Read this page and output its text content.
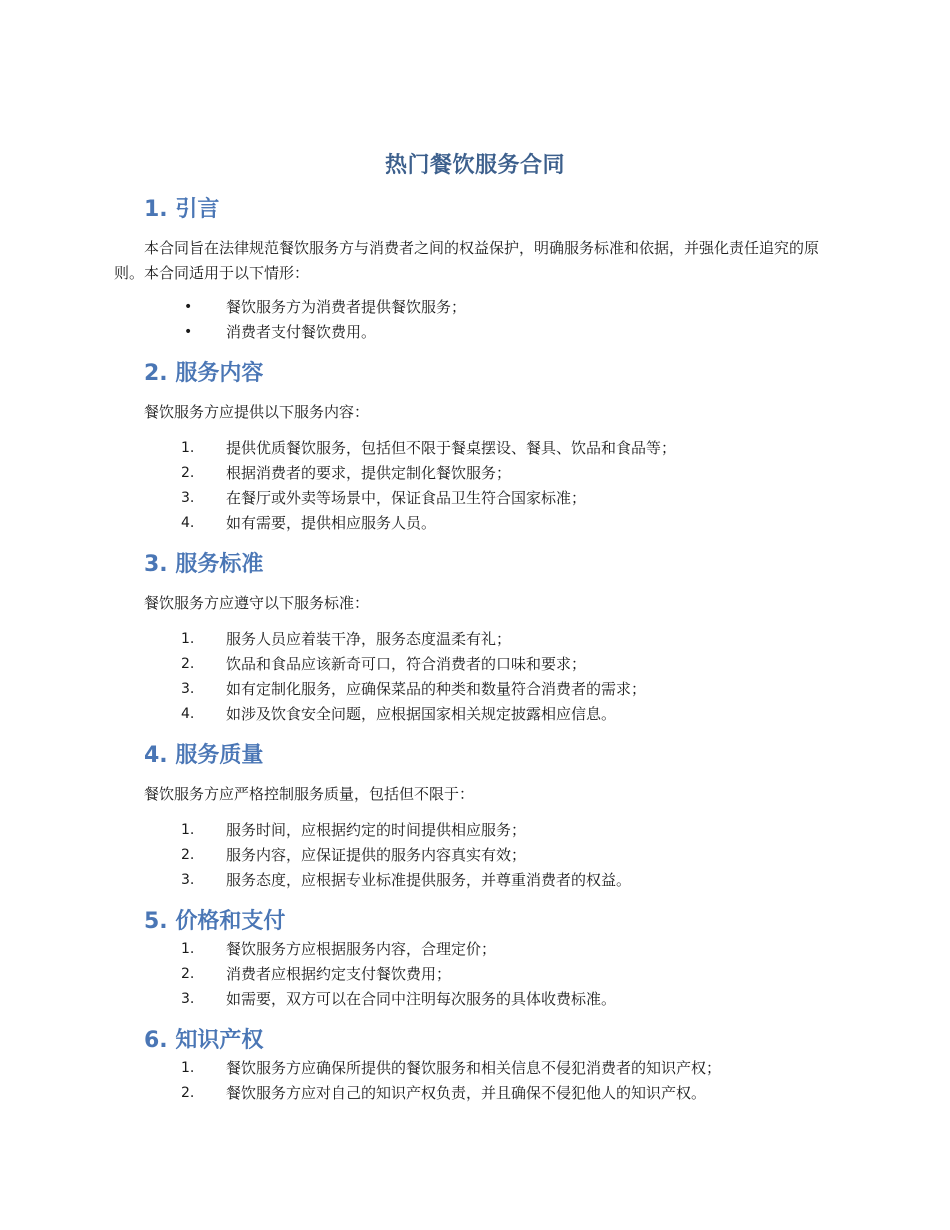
热门餐饮服务合同
1. 引言

本合同旨在法律规范餐饮服务方与消费者之间的权益保护，明确服务标准和依据，并强化责任追究的原则。本合同适用于以下情形：

•	餐饮服务方为消费者提供餐饮服务；
•	消费者支付餐饮费用。
2. 服务内容

餐饮服务方应提供以下服务内容：

1.	提供优质餐饮服务，包括但不限于餐桌摆设、餐具、饮品和食品等；
2.	根据消费者的要求，提供定制化餐饮服务；
3.	在餐厅或外卖等场景中，保证食品卫生符合国家标准；
4.	如有需要，提供相应服务人员。
3. 服务标准

餐饮服务方应遵守以下服务标准：

1.	服务人员应着装干净，服务态度温柔有礼；
2.	饮品和食品应该新奇可口，符合消费者的口味和要求；
3.	如有定制化服务，应确保菜品的种类和数量符合消费者的需求；
4.	如涉及饮食安全问题，应根据国家相关规定披露相应信息。
4. 服务质量

餐饮服务方应严格控制服务质量，包括但不限于：

1.	服务时间，应根据约定的时间提供相应服务；
2.	服务内容，应保证提供的服务内容真实有效；
3.	服务态度，应根据专业标准提供服务，并尊重消费者的权益。
5. 价格和支付
1.	餐饮服务方应根据服务内容，合理定价；
2.	消费者应根据约定支付餐饮费用；
3.	如需要，双方可以在合同中注明每次服务的具体收费标准。
6. 知识产权
1.	餐饮服务方应确保所提供的餐饮服务和相关信息不侵犯消费者的知识产权；
2.	餐饮服务方应对自己的知识产权负责，并且确保不侵犯他人的知识产权。
